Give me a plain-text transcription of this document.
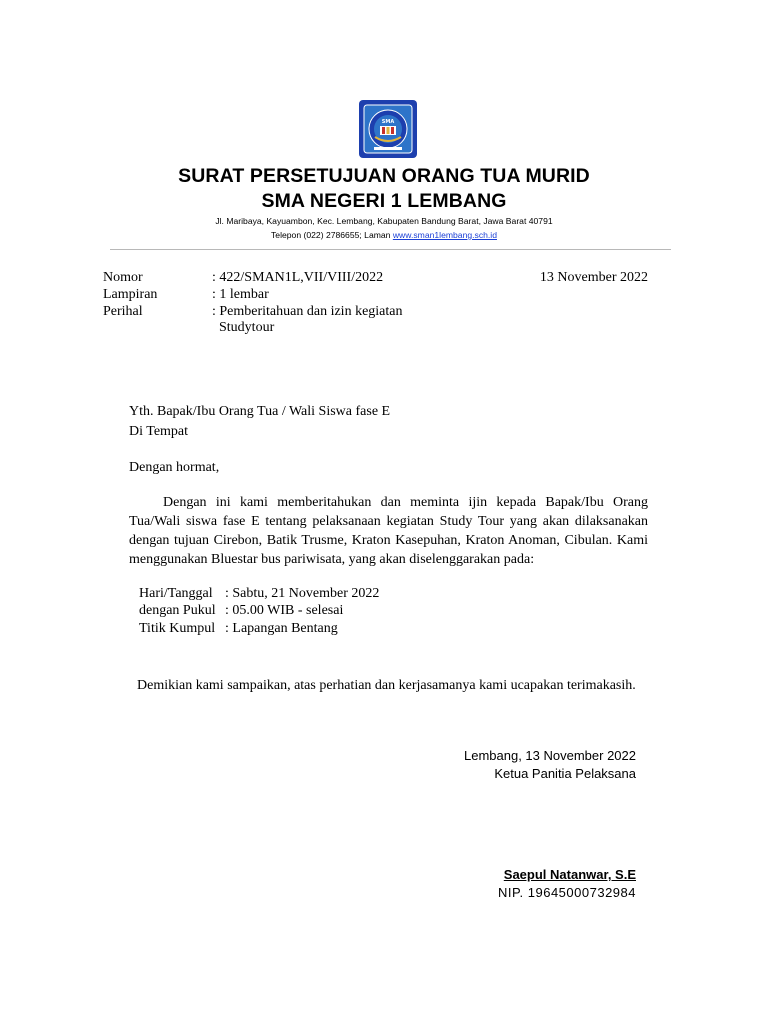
SMA
SURAT PERSETUJUAN ORANG TUA MURID
SMA NEGERI 1 LEMBANG
Jl. Maribaya, Kayuambon, Kec. Lembang, Kabupaten Bandung Barat, Jawa Barat 40791
Telepon (022) 2786655; Laman www.sman1lembang.sch.id
Nomor	: 422/SMAN1L,VII/VIII/2022
Lampiran	: 1 lembar
Perihal	: Pemberitahuan dan izin kegiatan
Studytour
13 November 2022
Yth. Bapak/Ibu Orang Tua / Wali Siswa fase E
Di Tempat
Dengan hormat,
Dengan ini kami memberitahukan dan meminta ijin kepada Bapak/Ibu Orang Tua/Wali siswa fase E tentang pelaksanaan kegiatan Study Tour yang akan dilaksanakan dengan tujuan Cirebon, Batik Trusme, Kraton Kasepuhan, Kraton Anoman, Cibulan. Kami menggunakan Bluestar bus pariwisata, yang akan diselenggarakan pada:
Hari/Tanggal : Sabtu, 21 November 2022
dengan Pukul : 05.00 WIB - selesai
Titik Kumpul : Lapangan Bentang
Demikian kami sampaikan, atas perhatian dan kerjasamanya kami ucapakan terimakasih.
Lembang, 13 November 2022
Ketua Panitia Pelaksana
Saepul Natanwar, S.E
NIP. 19645000732984
